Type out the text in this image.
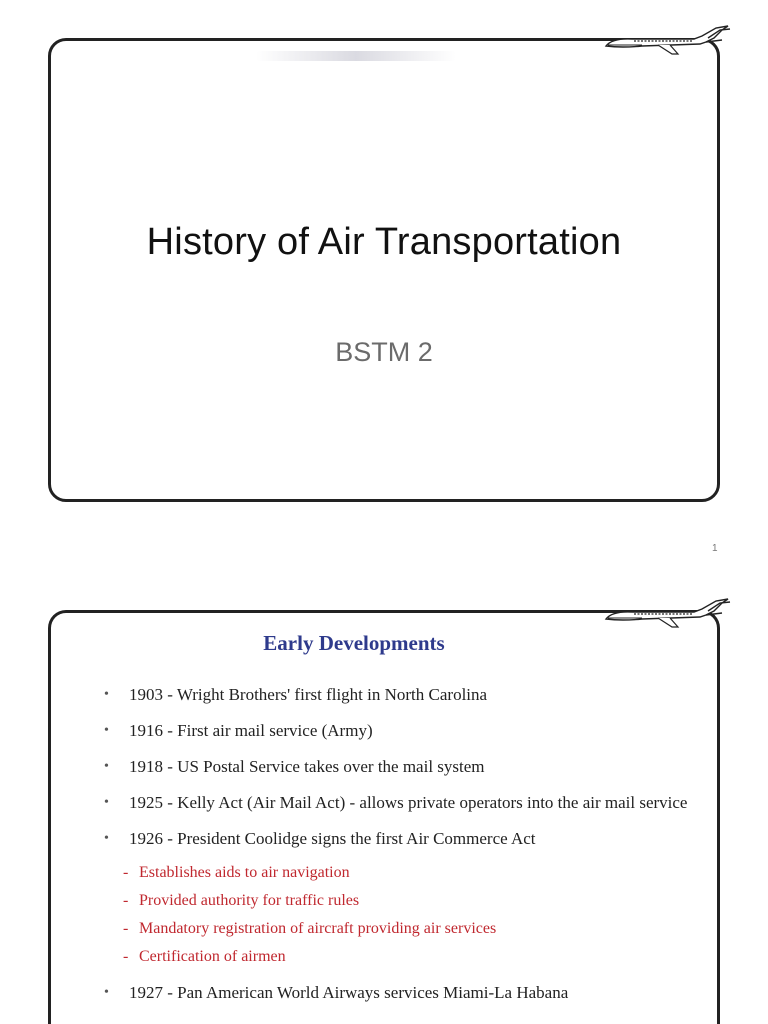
History of Air Transportation
BSTM 2
1
Early Developments
• 1903 - Wright Brothers' first flight in North Carolina
• 1916 - First air mail service (Army)
• 1918 - US Postal Service takes over the mail system
• 1925 - Kelly Act (Air Mail Act) - allows private operators into the air mail service
• 1926 - President Coolidge signs the first Air Commerce Act
- Establishes aids to air navigation
- Provided authority for traffic rules
- Mandatory registration of aircraft providing air services
- Certification of airmen
• 1927 - Pan American World Airways services Miami-La Habana
